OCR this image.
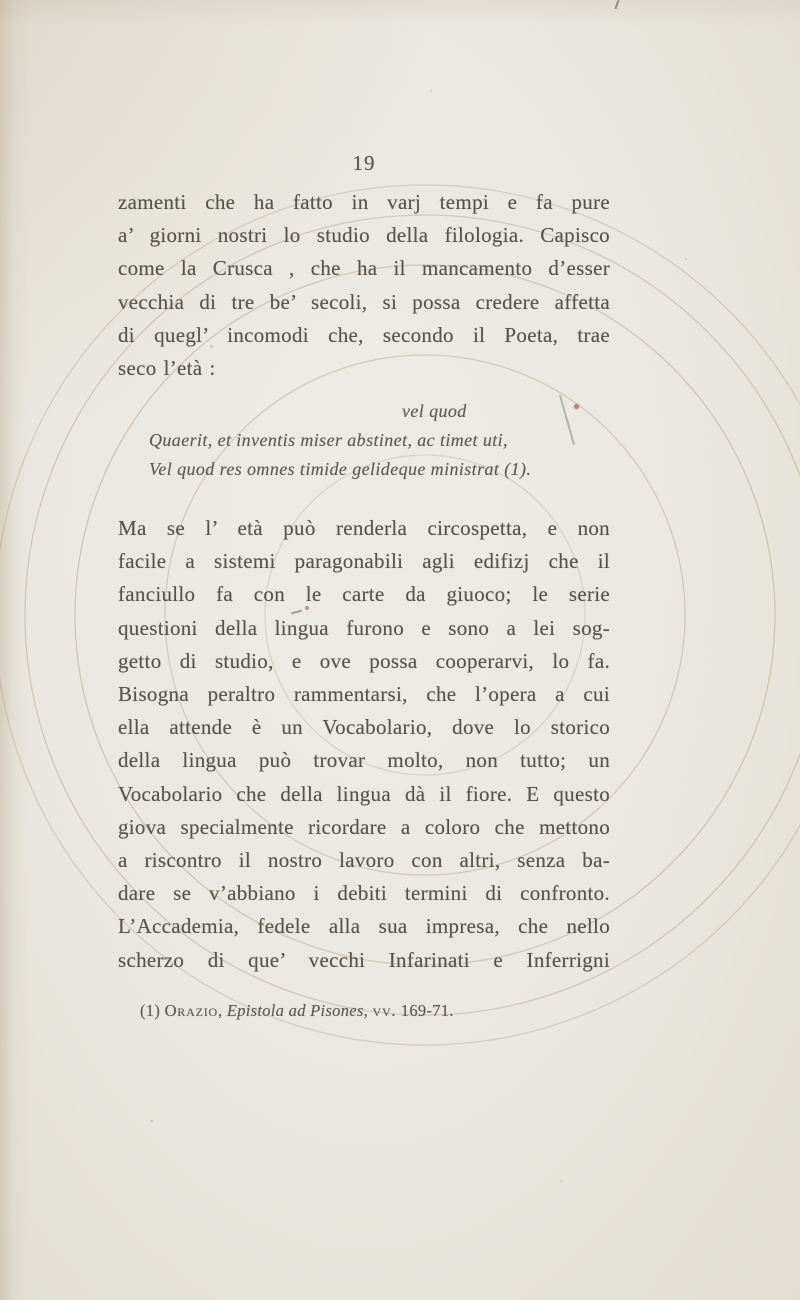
19
zamenti che ha fatto in varj tempi e fa pure
a’ giorni nostri lo studio della filologia. Capisco
come la Crusca , che ha il mancamento d’esser
vecchia di tre be’ secoli, si possa credere affetta
di quegl’ incomodi che, secondo il Poeta, trae
seco l’età :
vel quod
Quaerit, et inventis miser abstinet, ac timet uti,
Vel quod res omnes timide gelideque ministrat (1).
Ma se l’ età può renderla circospetta, e non
facile a sistemi paragonabili agli edifizj che il
fanciullo fa con le carte da giuoco; le serie
questioni della lingua furono e sono a lei sog-
getto di studio, e ove possa cooperarvi, lo fa.
Bisogna peraltro rammentarsi, che l’opera a cui
ella attende è un Vocabolario, dove lo storico
della lingua può trovar molto, non tutto; un
Vocabolario che della lingua dà il fiore. E questo
giova specialmente ricordare a coloro che mettono
a riscontro il nostro lavoro con altri, senza ba-
dare se v’abbiano i debiti termini di confronto.
L’Accademia, fedele alla sua impresa, che nello
scherzo di que’ vecchi Infarinati e Inferrigni
(1) Orazio, Epistola ad Pisones, vv. 169-71.
